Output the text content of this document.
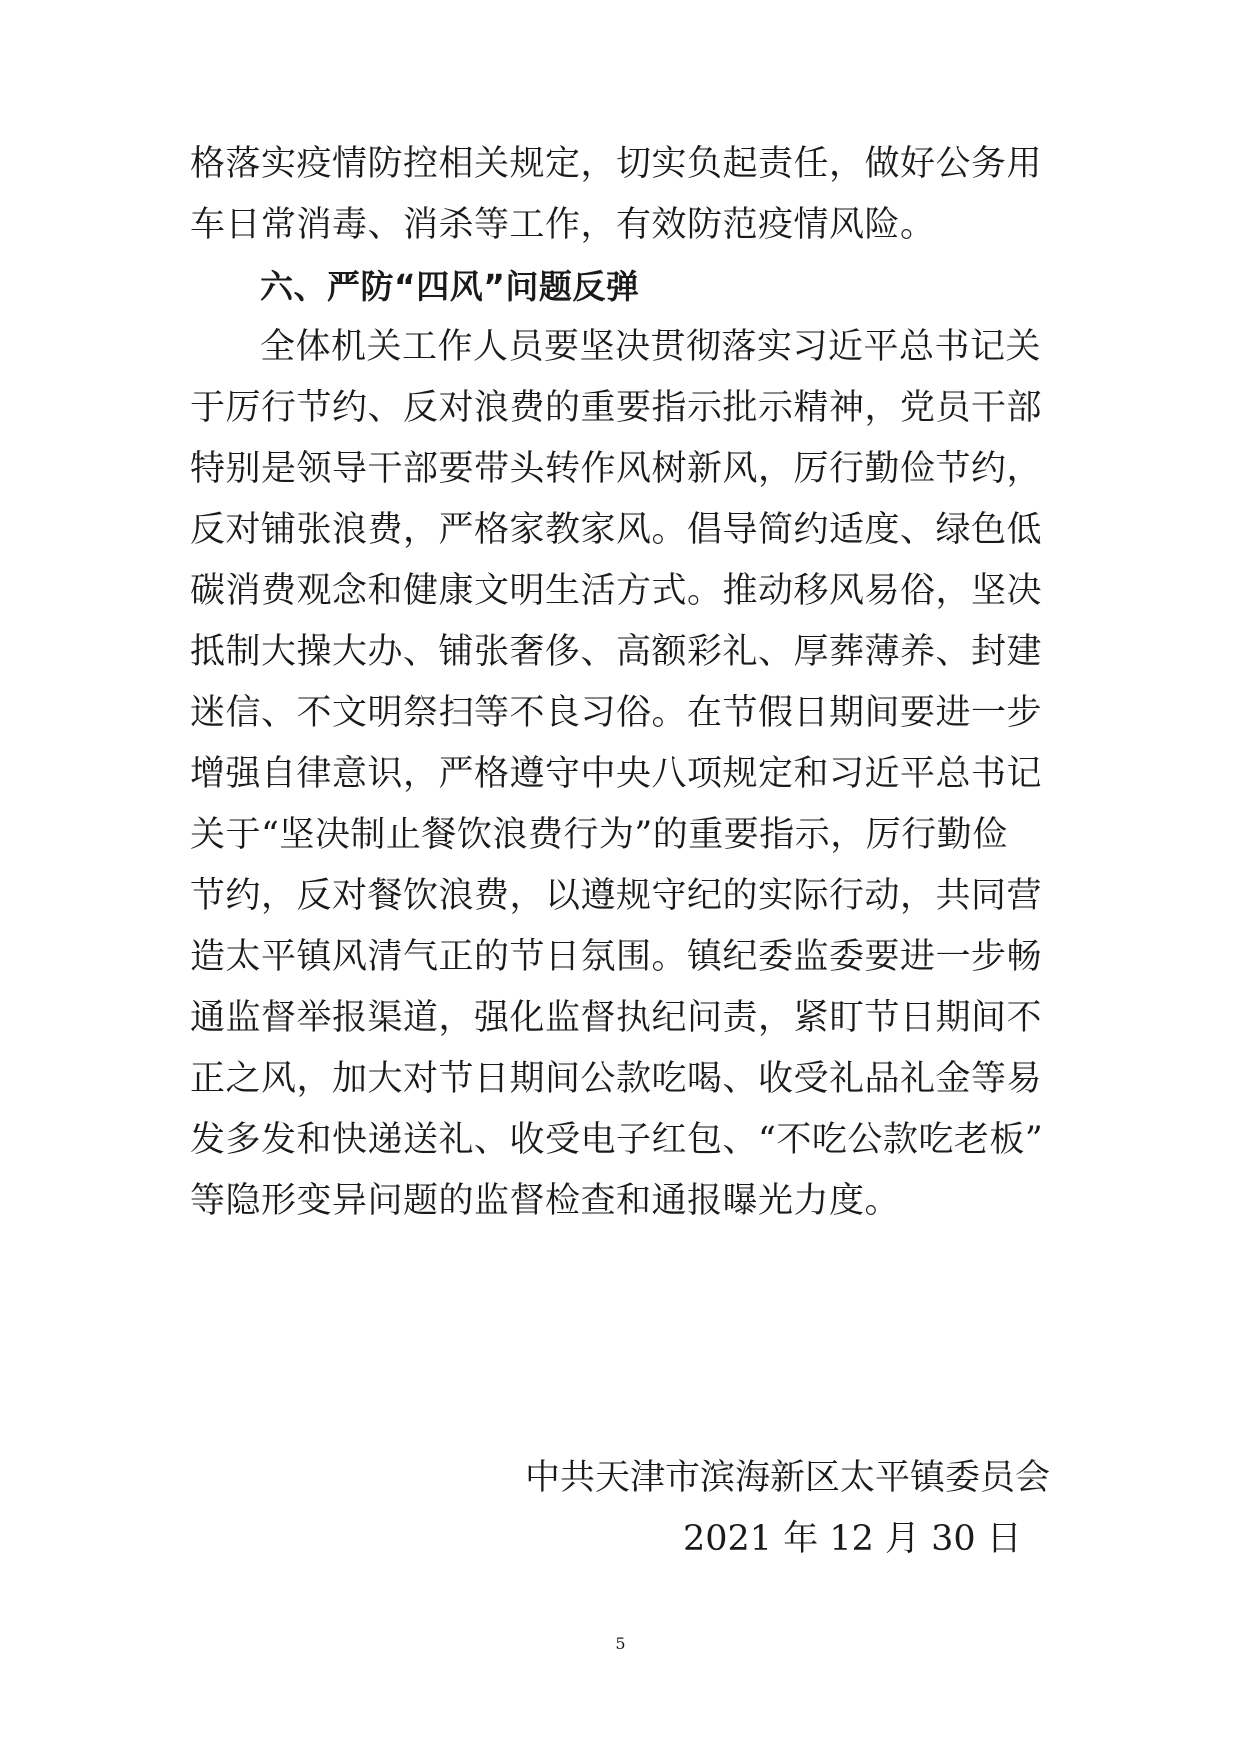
格落实疫情防控相关规定，切实负起责任，做好公务用
车日常消毒、消杀等工作，有效防范疫情风险。
六、严防“四风”问题反弹
全体机关工作人员要坚决贯彻落实习近平总书记关
于厉行节约、反对浪费的重要指示批示精神，党员干部
特别是领导干部要带头转作风树新风，厉行勤俭节约，
反对铺张浪费，严格家教家风。倡导简约适度、绿色低
碳消费观念和健康文明生活方式。推动移风易俗，坚决
抵制大操大办、铺张奢侈、高额彩礼、厚葬薄养、封建
迷信、不文明祭扫等不良习俗。在节假日期间要进一步
增强自律意识，严格遵守中央八项规定和习近平总书记
关于“坚决制止餐饮浪费行为”的重要指示，厉行勤俭
节约，反对餐饮浪费，以遵规守纪的实际行动，共同营
造太平镇风清气正的节日氛围。镇纪委监委要进一步畅
通监督举报渠道，强化监督执纪问责，紧盯节日期间不
正之风，加大对节日期间公款吃喝、收受礼品礼金等易
发多发和快递送礼、收受电子红包、“不吃公款吃老板”
等隐形变异问题的监督检查和通报曝光力度。
中共天津市滨海新区太平镇委员会
2021 年 12 月 30 日
5
